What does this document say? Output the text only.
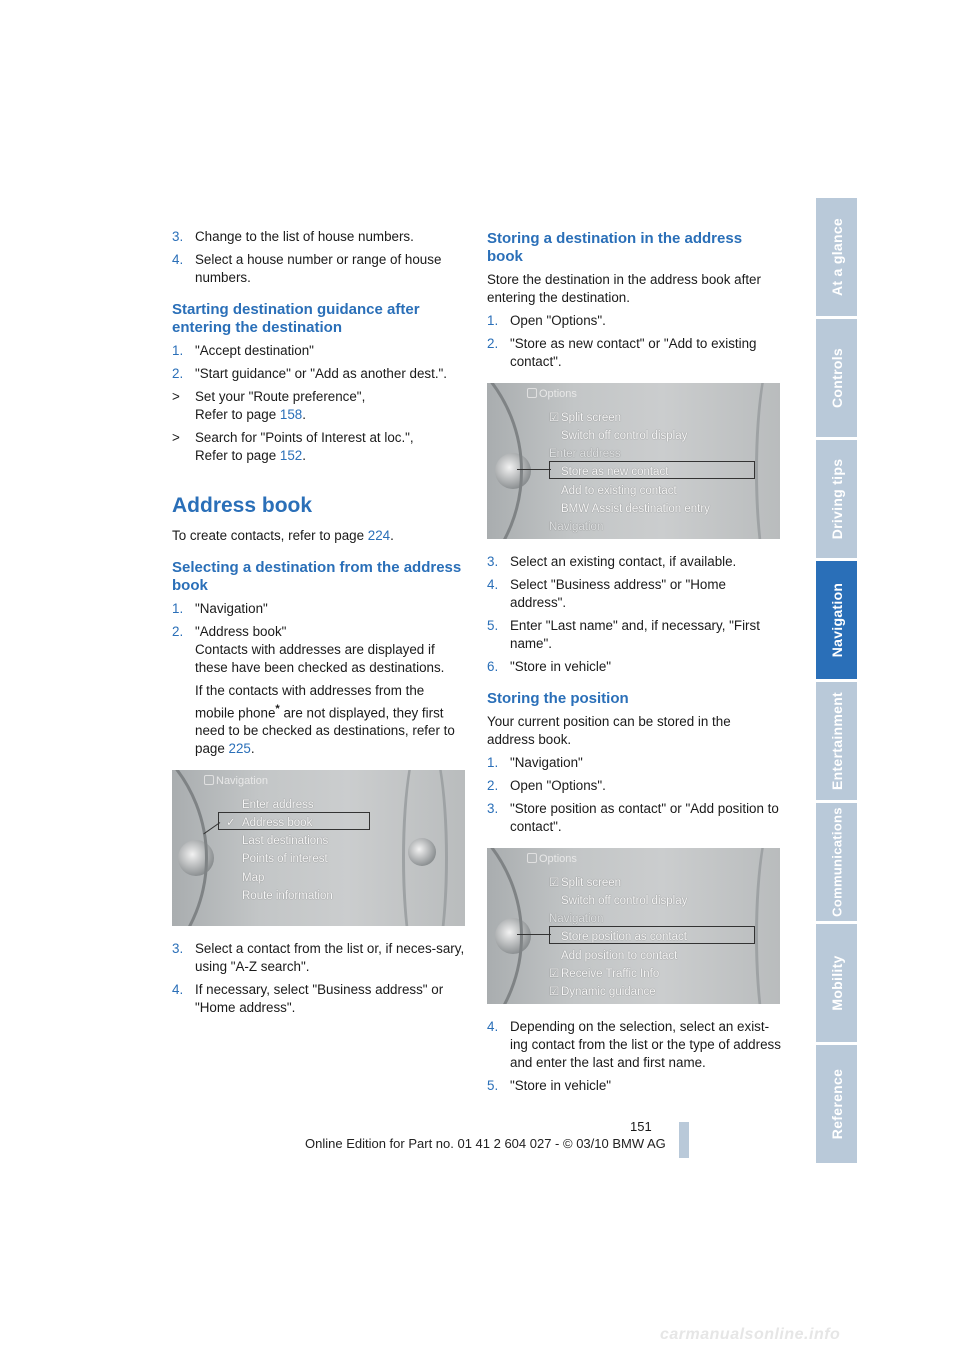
3. Change to the list of house numbers.
4. Select a house number or range of house numbers.
Starting destination guidance after entering the destination
1. "Accept destination"
2. "Start guidance" or "Add as another dest.".
>	Set your "Route preference",
Refer to page 158.
>	Search for "Points of Interest at loc.",
Refer to page 152.
Address book

To create contacts, refer to page 224.

Selecting a destination from the address book
1. "Navigation"
2. "Address book"
Contacts with addresses are displayed if these have been checked as destinations.
If the contacts with addresses from the mobile phone* are not displayed, they first need to be checked as destinations, refer to page 225.
Navigation
Enter address
✓ Address book
Last destinations
Points of interest
Map
Route information
3. Select a contact from the list or, if neces-sary, using "A-Z search".
4. If necessary, select "Business address" or "Home address".
Storing a destination in the address book

Store the destination in the address book after entering the destination.

1. Open "Options".
2. "Store as new contact" or "Add to existing contact".
Options
☑ Split screen
Switch off control display
Enter address
Store as new contact
Add to existing contact
BMW Assist destination entry
Navigation
3. Select an existing contact, if available.
4. Select "Business address" or "Home address".
5. Enter "Last name" and, if necessary, "First name".
6. "Store in vehicle"
Storing the position

Your current position can be stored in the address book.

1. "Navigation"
2. Open "Options".
3. "Store position as contact" or "Add position to contact".
Options
☑ Split screen
Switch off control display
Navigation
Store position as contact
Add position to contact
☑ Receive Traffic Info
☑ Dynamic guidance
4. Depending on the selection, select an exist-ing contact from the list or the type of address and enter the last and first name.
5. "Store in vehicle"
At a glance
Controls
Driving tips
Navigation
Entertainment
Communications
Mobility
Reference
151
Online Edition for Part no. 01 41 2 604 027 - © 03/10 BMW AG
carmanualsonline.info
